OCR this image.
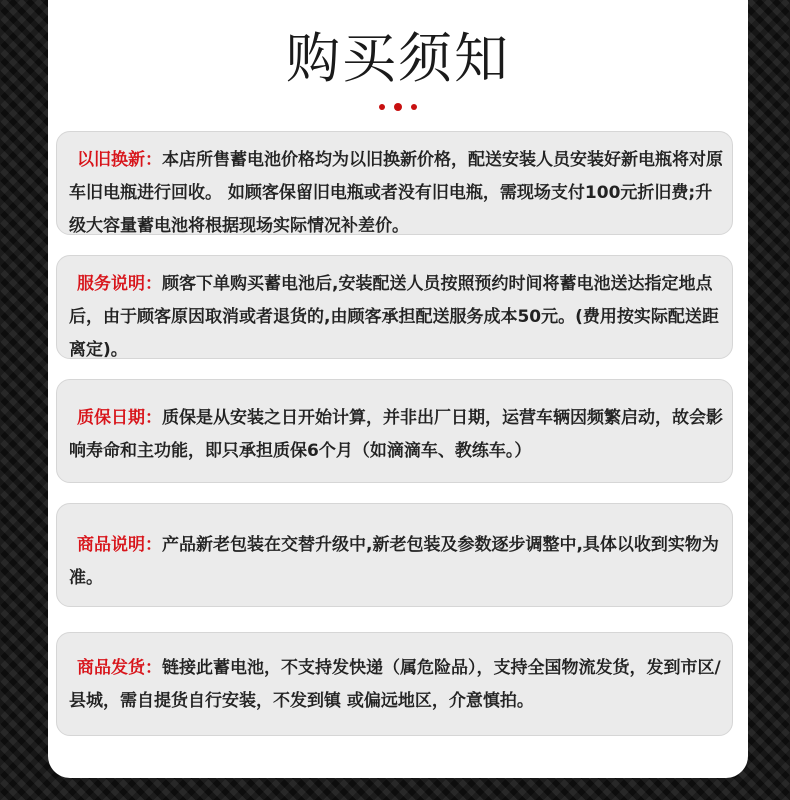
购买须知
以旧换新：本店所售蓄电池价格均为以旧换新价格，配送安装人员安装好新电瓶将对原车旧电瓶进行回收。 如顾客保留旧电瓶或者没有旧电瓶，需现场支付100元折旧费;升级大容量蓄电池将根据现场实际情况补差价。
服务说明：顾客下单购买蓄电池后,安装配送人员按照预约时间将蓄电池送达指定地点后，由于顾客原因取消或者退货的,由顾客承担配送服务成本50元。(费用按实际配送距离定)。
质保日期：质保是从安装之日开始计算，并非出厂日期，运营车辆因频繁启动，故会影响寿命和主功能，即只承担质保6个月（如滴滴车、教练车。）
商品说明：产品新老包装在交替升级中,新老包装及参数逐步调整中,具体以收到实物为准。
商品发货：链接此蓄电池，不支持发快递（属危险品），支持全国物流发货，发到市区/县城，需自提货自行安装，不发到镇 或偏远地区，介意慎拍。
